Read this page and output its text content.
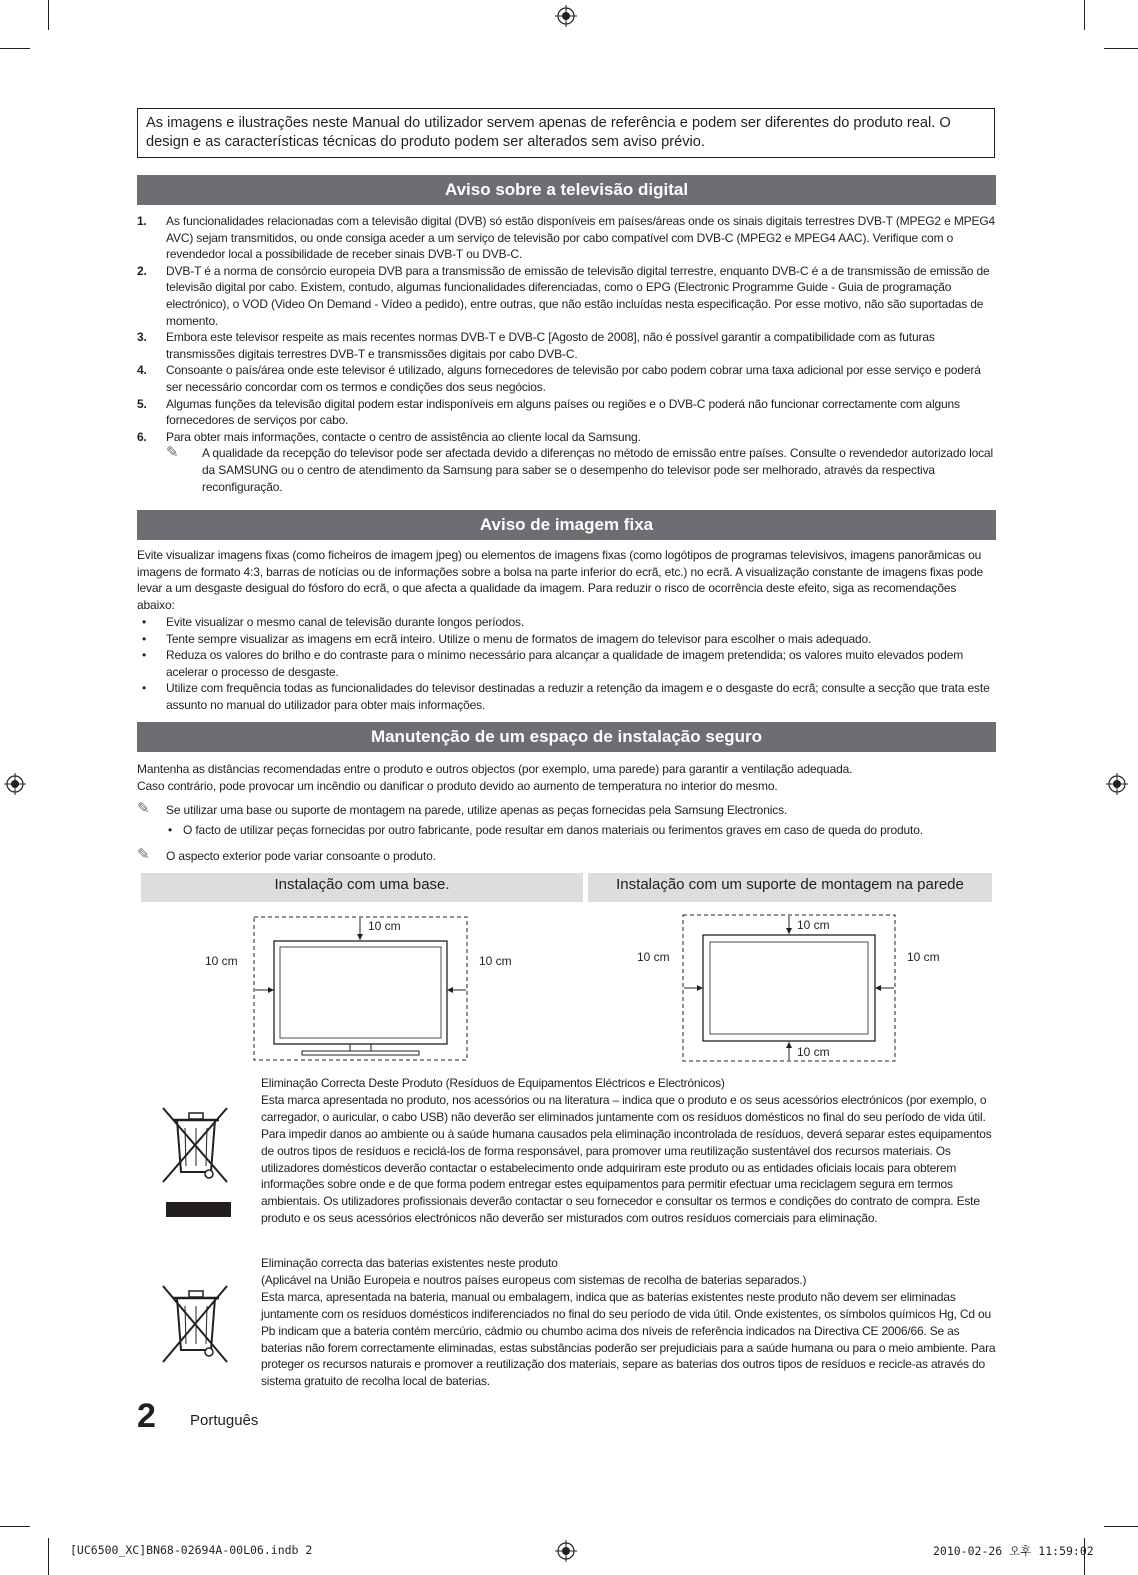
As imagens e ilustrações neste Manual do utilizador servem apenas de referência e podem ser diferentes do produto real. O design e as características técnicas do produto podem ser alterados sem aviso prévio.
Aviso sobre a televisão digital
1. As funcionalidades relacionadas com a televisão digital (DVB) só estão disponíveis em países/áreas onde os sinais digitais terrestres DVB-T (MPEG2 e MPEG4 AVC) sejam transmitidos, ou onde consiga aceder a um serviço de televisão por cabo compatível com DVB-C (MPEG2 e MPEG4 AAC). Verifique com o revendedor local a possibilidade de receber sinais DVB-T ou DVB-C.
2. DVB-T é a norma de consórcio europeia DVB para a transmissão de emissão de televisão digital terrestre, enquanto DVB-C é a de transmissão de emissão de televisão digital por cabo. Existem, contudo, algumas funcionalidades diferenciadas, como o EPG (Electronic Programme Guide - Guia de programação electrónico), o VOD (Video On Demand - Vídeo a pedido), entre outras, que não estão incluídas nesta especificação. Por esse motivo, não são suportadas de momento.
3. Embora este televisor respeite as mais recentes normas DVB-T e DVB-C [Agosto de 2008], não é possível garantir a compatibilidade com as futuras transmissões digitais terrestres DVB-T e transmissões digitais por cabo DVB-C.
4. Consoante o país/área onde este televisor é utilizado, alguns fornecedores de televisão por cabo podem cobrar uma taxa adicional por esse serviço e poderá ser necessário concordar com os termos e condições dos seus negócios.
5. Algumas funções da televisão digital podem estar indisponíveis em alguns países ou regiões e o DVB-C poderá não funcionar correctamente com alguns fornecedores de serviços por cabo.
6. Para obter mais informações, contacte o centro de assistência ao cliente local da Samsung.
✎ A qualidade da recepção do televisor pode ser afectada devido a diferenças no método de emissão entre países. Consulte o revendedor autorizado local da SAMSUNG ou o centro de atendimento da Samsung para saber se o desempenho do televisor pode ser melhorado, através da respectiva reconfiguração.
Aviso de imagem fixa

Evite visualizar imagens fixas (como ficheiros de imagem jpeg) ou elementos de imagens fixas (como logótipos de programas televisivos, imagens panorâmicas ou imagens de formato 4:3, barras de notícias ou de informações sobre a bolsa na parte inferior do ecrã, etc.) no ecrã. A visualização constante de imagens fixas pode levar a um desgaste desigual do fósforo do ecrã, o que afecta a qualidade da imagem. Para reduzir o risco de ocorrência deste efeito, siga as recomendações abaixo:

• Evite visualizar o mesmo canal de televisão durante longos períodos.
• Tente sempre visualizar as imagens em ecrã inteiro. Utilize o menu de formatos de imagem do televisor para escolher o mais adequado.
• Reduza os valores do brilho e do contraste para o mínimo necessário para alcançar a qualidade de imagem pretendida; os valores muito elevados podem acelerar o processo de desgaste.
• Utilize com frequência todas as funcionalidades do televisor destinadas a reduzir a retenção da imagem e o desgaste do ecrã; consulte a secção que trata este assunto no manual do utilizador para obter mais informações.
Manutenção de um espaço de instalação seguro
Mantenha as distâncias recomendadas entre o produto e outros objectos (por exemplo, uma parede) para garantir a ventilação adequada.
Caso contrário, pode provocar um incêndio ou danificar o produto devido ao aumento de temperatura no interior do mesmo.
✎	Se utilizar uma base ou suporte de montagem na parede, utilize apenas as peças fornecidas pela Samsung Electronics.
• O facto de utilizar peças fornecidas por outro fabricante, pode resultar em danos materiais ou ferimentos graves em caso de queda do produto.
✎	O aspecto exterior pode variar consoante o produto.
Instalação com uma base.	Instalação com um suporte de montagem na parede
10 cm
10 cm	10 cm
10 cm
10 cm	10 cm
10 cm
Eliminação Correcta Deste Produto (Resíduos de Equipamentos Eléctricos e Electrónicos)
Esta marca apresentada no produto, nos acessórios ou na literatura – indica que o produto e os seus acessórios electrónicos (por exemplo, o carregador, o auricular, o cabo USB) não deverão ser eliminados juntamente com os resíduos domésticos no final do seu período de vida útil. Para impedir danos ao ambiente ou à saúde humana causados pela eliminação incontrolada de resíduos, deverá separar estes equipamentos de outros tipos de resíduos e reciclá-los de forma responsável, para promover uma reutilização sustentável dos recursos materiais. Os utilizadores domésticos deverão contactar o estabelecimento onde adquiriram este produto ou as entidades oficiais locais para obterem informações sobre onde e de que forma podem entregar estes equipamentos para permitir efectuar uma reciclagem segura em termos ambientais. Os utilizadores profissionais deverão contactar o seu fornecedor e consultar os termos e condições do contrato de compra. Este produto e os seus acessórios electrónicos não deverão ser misturados com outros resíduos comerciais para eliminação.
Eliminação correcta das baterias existentes neste produto
(Aplicável na União Europeia e noutros países europeus com sistemas de recolha de baterias separados.)
Esta marca, apresentada na bateria, manual ou embalagem, indica que as baterias existentes neste produto não devem ser eliminadas juntamente com os resíduos domésticos indiferenciados no final do seu período de vida útil. Onde existentes, os símbolos químicos Hg, Cd ou Pb indicam que a bateria contém mercúrio, cádmio ou chumbo acima dos níveis de referência indicados na Directiva CE 2006/66. Se as baterias não forem correctamente eliminadas, estas substâncias poderão ser prejudiciais para a saúde humana ou para o meio ambiente. Para proteger os recursos naturais e promover a reutilização dos materiais, separe as baterias dos outros tipos de resíduos e recicle-as através do sistema gratuito de recolha local de baterias.
2 Português
[UC6500_XC]BN68-02694A-00L06.indb 2	2010-02-26 오후 11:59:02
